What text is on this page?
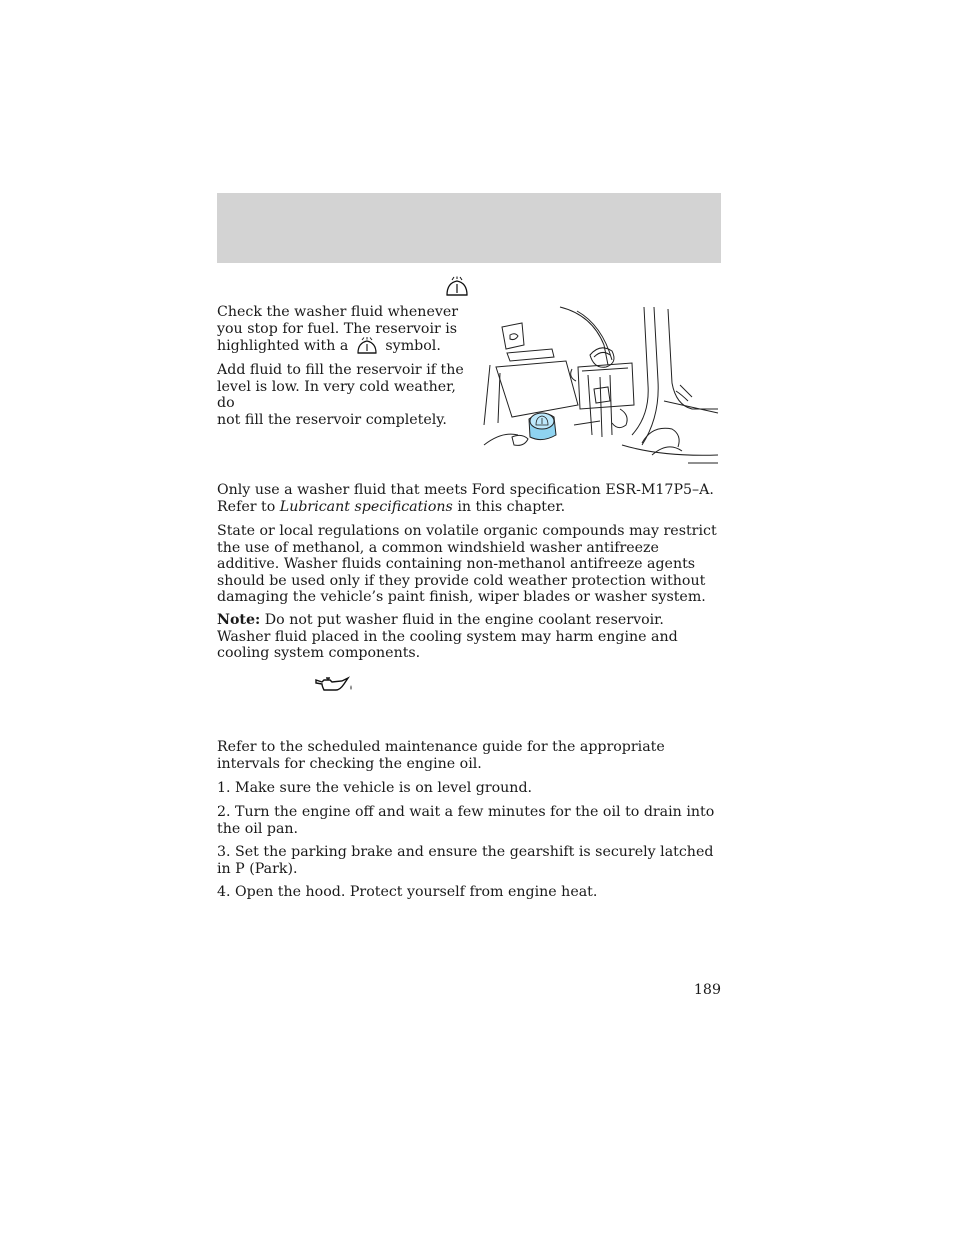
Check the washer fluid whenever
you stop for fuel. The reservoir is
highlighted with a	symbol.
Add fluid to fill the reservoir if the
level is low. In very cold weather, do
not fill the reservoir completely.
Only use a washer fluid that meets Ford specification ESR-M17P5–A.
Refer to Lubricant specifications in this chapter.
State or local regulations on volatile organic compounds may restrict the use of methanol, a common windshield washer antifreeze additive. Washer fluids containing non-methanol antifreeze agents should be used only if they provide cold weather protection without damaging the vehicle’s paint finish, wiper blades or washer system.
Note: Do not put washer fluid in the engine coolant reservoir. Washer fluid placed in the cooling system may harm engine and cooling system components.
Refer to the scheduled maintenance guide for the appropriate intervals for checking the engine oil.
1. Make sure the vehicle is on level ground.
2. Turn the engine off and wait a few minutes for the oil to drain into the oil pan.
3. Set the parking brake and ensure the gearshift is securely latched in P (Park).
4. Open the hood. Protect yourself from engine heat.
189
